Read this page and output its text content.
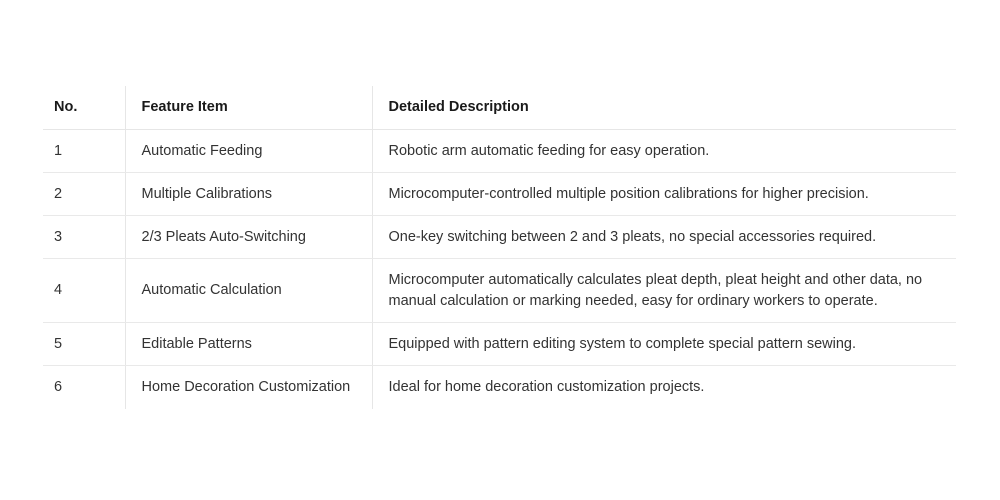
No.	Feature Item	Detailed Description
1	Automatic Feeding	Robotic arm automatic feeding for easy operation.
2	Multiple Calibrations	Microcomputer-controlled multiple position calibrations for higher precision.
3	2/3 Pleats Auto-Switching	One-key switching between 2 and 3 pleats, no special accessories required.
4	Automatic Calculation	Microcomputer automatically calculates pleat depth, pleat height and other data, no manual calculation or marking needed, easy for ordinary workers to operate.
5	Editable Patterns	Equipped with pattern editing system to complete special pattern sewing.
6	Home Decoration Customization	Ideal for home decoration customization projects.
